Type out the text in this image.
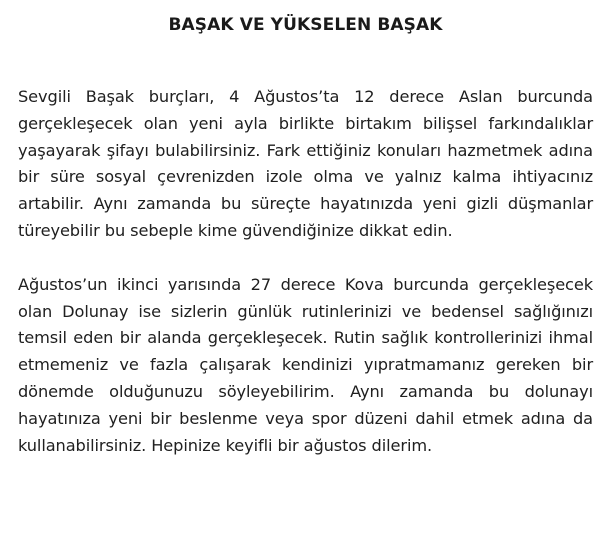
BAŞAK VE YÜKSELEN BAŞAK

Sevgili Başak burçları, 4 Ağustos’ta 12 derece Aslan burcunda gerçekleşecek olan yeni ayla birlikte birtakım bilişsel farkındalıklar yaşayarak şifayı bulabilirsiniz. Fark ettiğiniz konuları hazmetmek adına bir süre sosyal çevrenizden izole olma ve yalnız kalma ihtiyacınız artabilir. Aynı zamanda bu süreçte hayatınızda yeni gizli düşmanlar türeyebilir bu sebeple kime güvendiğinize dikkat edin.

Ağustos’un ikinci yarısında 27 derece Kova burcunda gerçekleşecek olan Dolunay ise sizlerin günlük rutinlerinizi ve bedensel sağlığınızı temsil eden bir alanda gerçekleşecek. Rutin sağlık kontrollerinizi ihmal etmemeniz ve fazla çalışarak kendinizi yıpratmamanız gereken bir dönemde olduğunuzu söyleyebilirim. Aynı zamanda bu dolunayı hayatınıza yeni bir beslenme veya spor düzeni dahil etmek adına da kullanabilirsiniz. Hepinize keyifli bir ağustos dilerim.
